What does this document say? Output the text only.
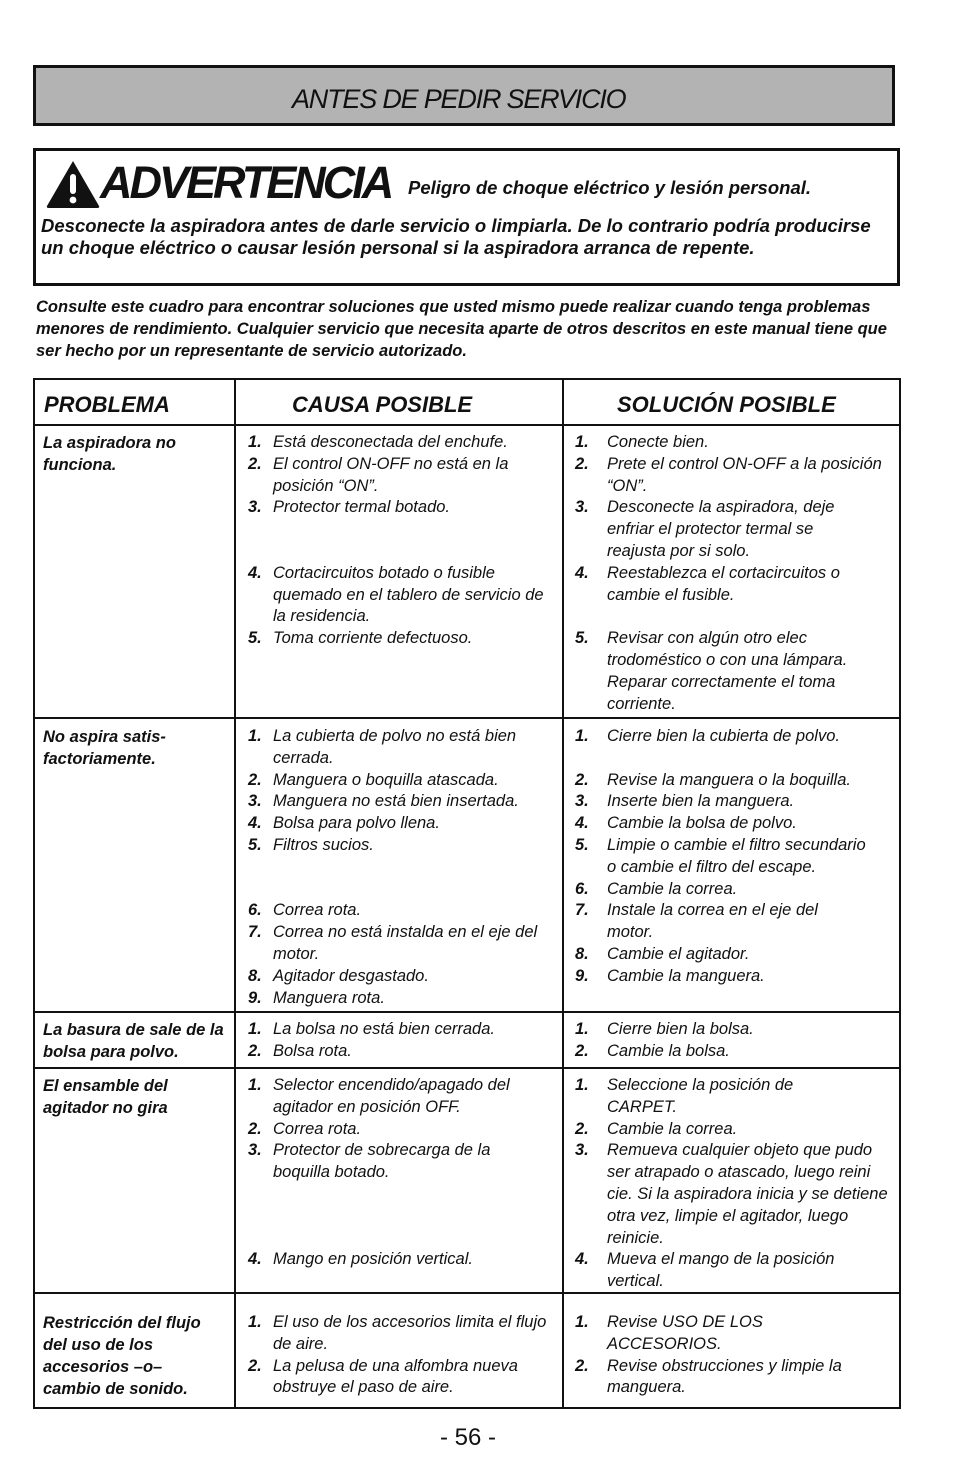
ANTES DE PEDIR SERVICIO
ADVERTENCIA Peligro de choque eléctrico y lesión personal.
Desconecte la aspiradora antes de darle servicio o limpiarla. De lo contrario podría producirse un choque eléctrico o causar lesión personal si la aspiradora arranca de repente.
Consulte este cuadro para encontrar soluciones que usted mismo puede realizar cuando tenga problemas menores de rendimiento. Cualquier servicio que necesita aparte de otros descritos en este manual tiene que ser hecho por un representante de servicio autorizado.
PROBLEMA	CAUSA POSIBLE	SOLUCIÓN POSIBLE
La aspiradora no funciona.
1. Está desconectada del enchufe.
2. El control ON-OFF no está en la posición “ON”.
3. Protector termal botado.
4. Cortacircuitos botado o fusible quemado en el tablero de servicio de la residencia.
5. Toma corriente defectuoso.
1. Conecte bien.
2. Prete el control ON-OFF a la posición “ON”.
3. Desconecte la aspiradora, deje enfriar el protector termal se reajusta por si solo.
4. Reestablezca el cortacircuitos o cambie el fusible.
5. Revisar con algún otro elec trodoméstico o con una lámpara. Reparar correctamente el toma corriente.
No aspira satis-factoriamente.
1. La cubierta de polvo no está bien cerrada.
2. Manguera o boquilla atascada.
3. Manguera no está bien insertada.
4. Bolsa para polvo llena.
5. Filtros sucios.
6. Correa rota.
7. Correa no está instalda en el eje del motor.
8. Agitador desgastado.
9. Manguera rota.
1. Cierre bien la cubierta de polvo.
2. Revise la manguera o la boquilla.
3. Inserte bien la manguera.
4. Cambie la bolsa de polvo.
5. Limpie o cambie el filtro secundario o cambie el filtro del escape.
6. Cambie la correa.
7. Instale la correa en el eje del motor.
8. Cambie el agitador.
9. Cambie la manguera.
La basura de sale de la bolsa para polvo.
1. La bolsa no está bien cerrada.
2. Bolsa rota.
1. Cierre bien la bolsa.
2. Cambie la bolsa.
El ensamble del agitador no gira
1. Selector encendido/apagado del agitador en posición OFF.
2. Correa rota.
3. Protector de sobrecarga de la boquilla botado.
4. Mango en posición vertical.
1. Seleccione la posición de CARPET.
2. Cambie la correa.
3. Remueva cualquier objeto que pudo ser atrapado o atascado, luego reini cie. Si la aspiradora inicia y se detiene otra vez, limpie el agitador, luego reinicie.
4. Mueva el mango de la posición vertical.
Restricción del flujo del uso de los accesorios –o– cambio de sonido.
1. El uso de los accesorios limita el flujo de aire.
2. La pelusa de una alfombra nueva obstruye el paso de aire.
1. Revise USO DE LOS ACCESORIOS.
2. Revise obstrucciones y limpie la manguera.
- 56 -
